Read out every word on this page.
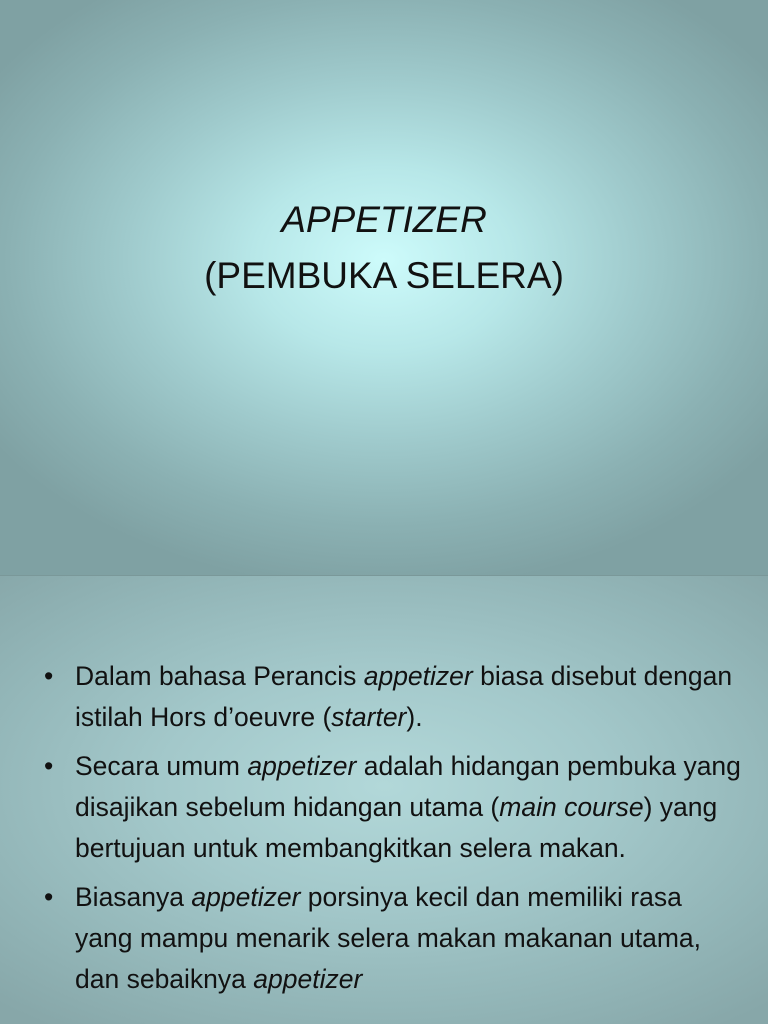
APPETIZER
(PEMBUKA SELERA)
• Dalam bahasa Perancis appetizer biasa disebut dengan istilah Hors d’oeuvre (starter).
• Secara umum appetizer adalah hidangan pembuka yang disajikan sebelum hidangan utama (main course) yang bertujuan untuk membangkitkan selera makan.
• Biasanya appetizer porsinya kecil dan memiliki rasa yang mampu menarik selera makan makanan utama, dan sebaiknya appetizer
